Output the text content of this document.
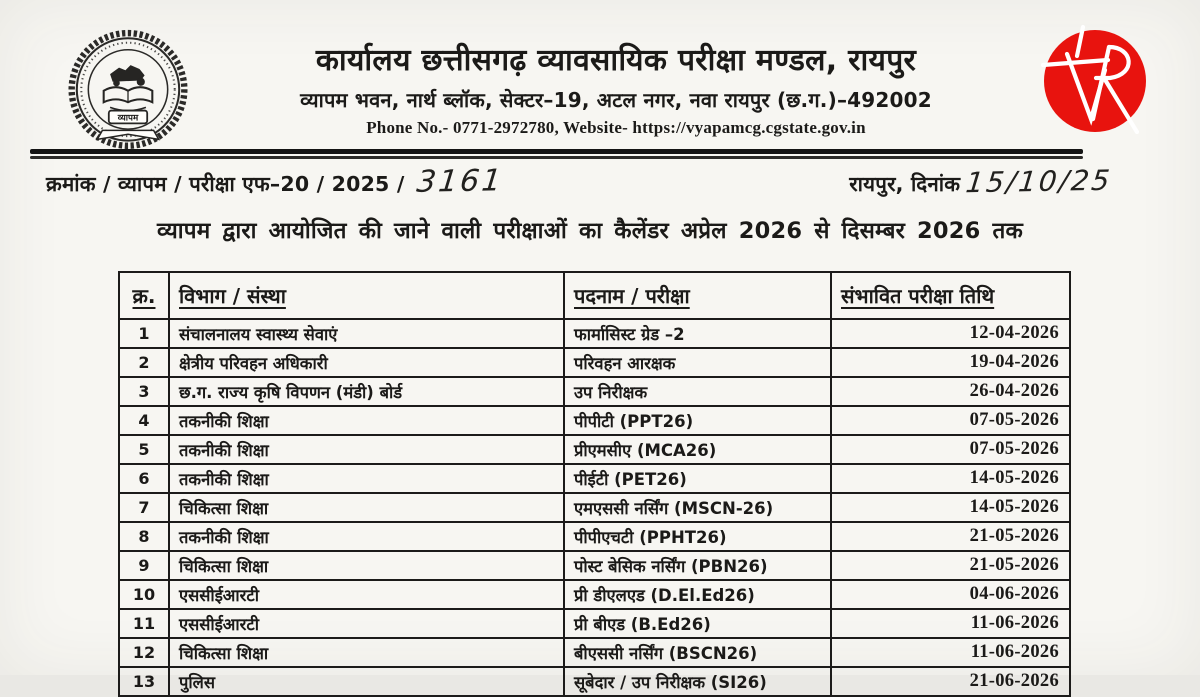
व्यापम
कार्यालय छत्तीसगढ़ व्यावसायिक परीक्षा मण्डल, रायपुर
व्यापम भवन, नार्थ ब्लॉक, सेक्टर–19, अटल नगर, नवा रायपुर (छ.ग.)–492002
Phone No.- 0771-2972780, Website- https://vyapamcg.cgstate.gov.in
क्रमांक / व्यापम / परीक्षा एफ–20 / 2025 / 3161	रायपुर, दिनांक 15/10/25
व्यापम द्वारा आयोजित की जाने वाली परीक्षाओं का कैलेंडर अप्रेल 2026 से दिसम्बर 2026 तक
क्र.	विभाग / संस्था	पदनाम / परीक्षा	संभावित परीक्षा तिथि
1	संचालनालय स्वास्थ्य सेवाएं	फार्मासिस्ट ग्रेड –2	12-04-2026
2	क्षेत्रीय परिवहन अधिकारी	परिवहन आरक्षक	19-04-2026
3	छ.ग. राज्य कृषि विपणन (मंडी) बोर्ड	उप निरीक्षक	26-04-2026
4	तकनीकी शिक्षा	पीपीटी (PPT26)	07-05-2026
5	तकनीकी शिक्षा	प्रीएमसीए (MCA26)	07-05-2026
6	तकनीकी शिक्षा	पीईटी (PET26)	14-05-2026
7	चिकित्सा शिक्षा	एमएससी नर्सिंग (MSCN-26)	14-05-2026
8	तकनीकी शिक्षा	पीपीएचटी (PPHT26)	21-05-2026
9	चिकित्सा शिक्षा	पोस्ट बेसिक नर्सिंग (PBN26)	21-05-2026
10	एससीईआरटी	प्री डीएलएड (D.El.Ed26)	04-06-2026
11	एससीईआरटी	प्री बीएड (B.Ed26)	11-06-2026
12	चिकित्सा शिक्षा	बीएससी नर्सिंग (BSCN26)	11-06-2026
13	पुलिस	सूबेदार / उप निरीक्षक (SI26)	21-06-2026
